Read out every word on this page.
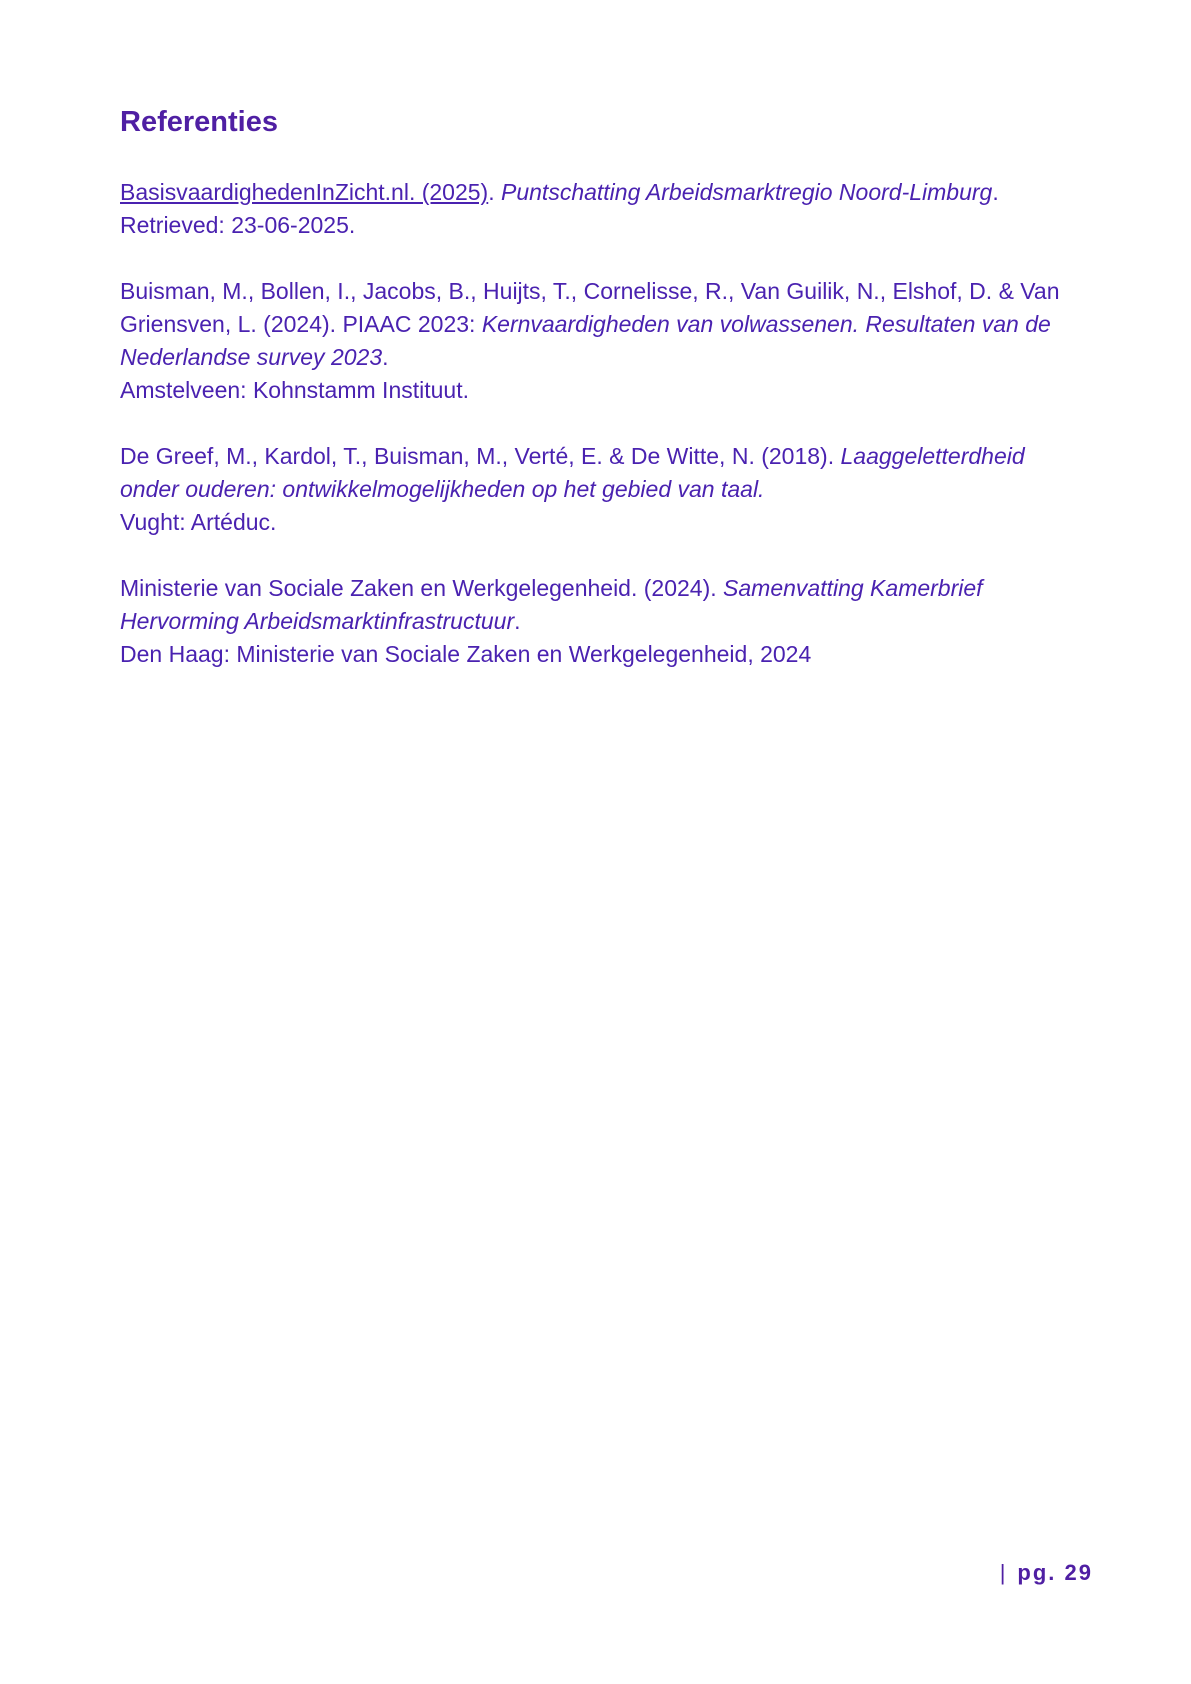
Referenties

BasisvaardighedenInZicht.nl. (2025). Puntschatting Arbeidsmarktregio Noord-Limburg.

Retrieved: 23-06-2025.

Buisman, M., Bollen, I., Jacobs, B., Huijts, T., Cornelisse, R., Van Guilik, N., Elshof, D. & Van Griensven, L. (2024). PIAAC 2023: Kernvaardigheden van volwassenen. Resultaten van de Nederlandse survey 2023.

Amstelveen: Kohnstamm Instituut.

De Greef, M., Kardol, T., Buisman, M., Verté, E. & De Witte, N. (2018). Laaggeletterdheid onder ouderen: ontwikkelmogelijkheden op het gebied van taal.

Vught: Artéduc.

Ministerie van Sociale Zaken en Werkgelegenheid. (2024). Samenvatting Kamerbrief Hervorming Arbeidsmarktinfrastructuur.

Den Haag: Ministerie van Sociale Zaken en Werkgelegenheid, 2024

| pg. 29
